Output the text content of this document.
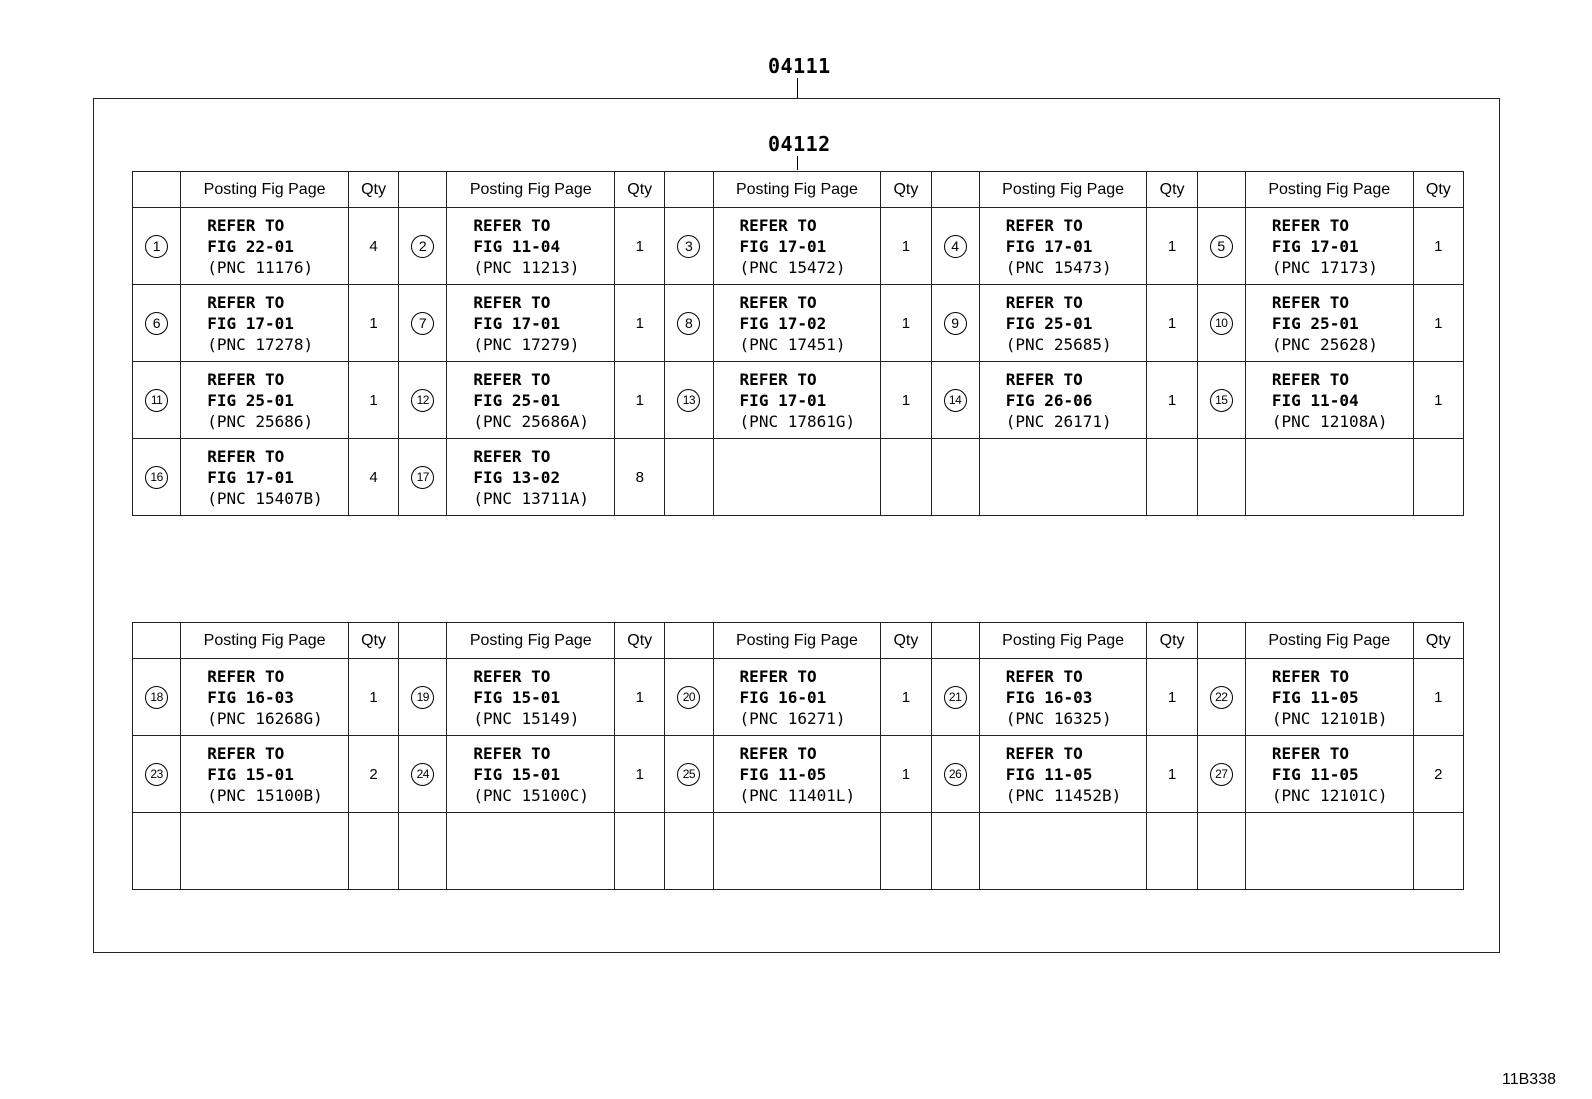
04111
04112
	Posting Fig Page	Qty		Posting Fig Page	Qty		Posting Fig Page	Qty		Posting Fig Page	Qty		Posting Fig Page	Qty
1	REFER TO
FIG 22-01
(PNC 11176)	4	2	REFER TO
FIG 11-04
(PNC 11213)	1	3	REFER TO
FIG 17-01
(PNC 15472)	1	4	REFER TO
FIG 17-01
(PNC 15473)	1	5	REFER TO
FIG 17-01
(PNC 17173)	1
6	REFER TO
FIG 17-01
(PNC 17278)	1	7	REFER TO
FIG 17-01
(PNC 17279)	1	8	REFER TO
FIG 17-02
(PNC 17451)	1	9	REFER TO
FIG 25-01
(PNC 25685)	1	10	REFER TO
FIG 25-01
(PNC 25628)	1
11	REFER TO
FIG 25-01
(PNC 25686)	1	12	REFER TO
FIG 25-01
(PNC 25686A)	1	13	REFER TO
FIG 17-01
(PNC 17861G)	1	14	REFER TO
FIG 26-06
(PNC 26171)	1	15	REFER TO
FIG 11-04
(PNC 12108A)	1
16	REFER TO
FIG 17-01
(PNC 15407B)	4	17	REFER TO
FIG 13-02
(PNC 13711A)	8									
	Posting Fig Page	Qty		Posting Fig Page	Qty		Posting Fig Page	Qty		Posting Fig Page	Qty		Posting Fig Page	Qty
18	REFER TO
FIG 16-03
(PNC 16268G)	1	19	REFER TO
FIG 15-01
(PNC 15149)	1	20	REFER TO
FIG 16-01
(PNC 16271)	1	21	REFER TO
FIG 16-03
(PNC 16325)	1	22	REFER TO
FIG 11-05
(PNC 12101B)	1
23	REFER TO
FIG 15-01
(PNC 15100B)	2	24	REFER TO
FIG 15-01
(PNC 15100C)	1	25	REFER TO
FIG 11-05
(PNC 11401L)	1	26	REFER TO
FIG 11-05
(PNC 11452B)	1	27	REFER TO
FIG 11-05
(PNC 12101C)	2

11B338
